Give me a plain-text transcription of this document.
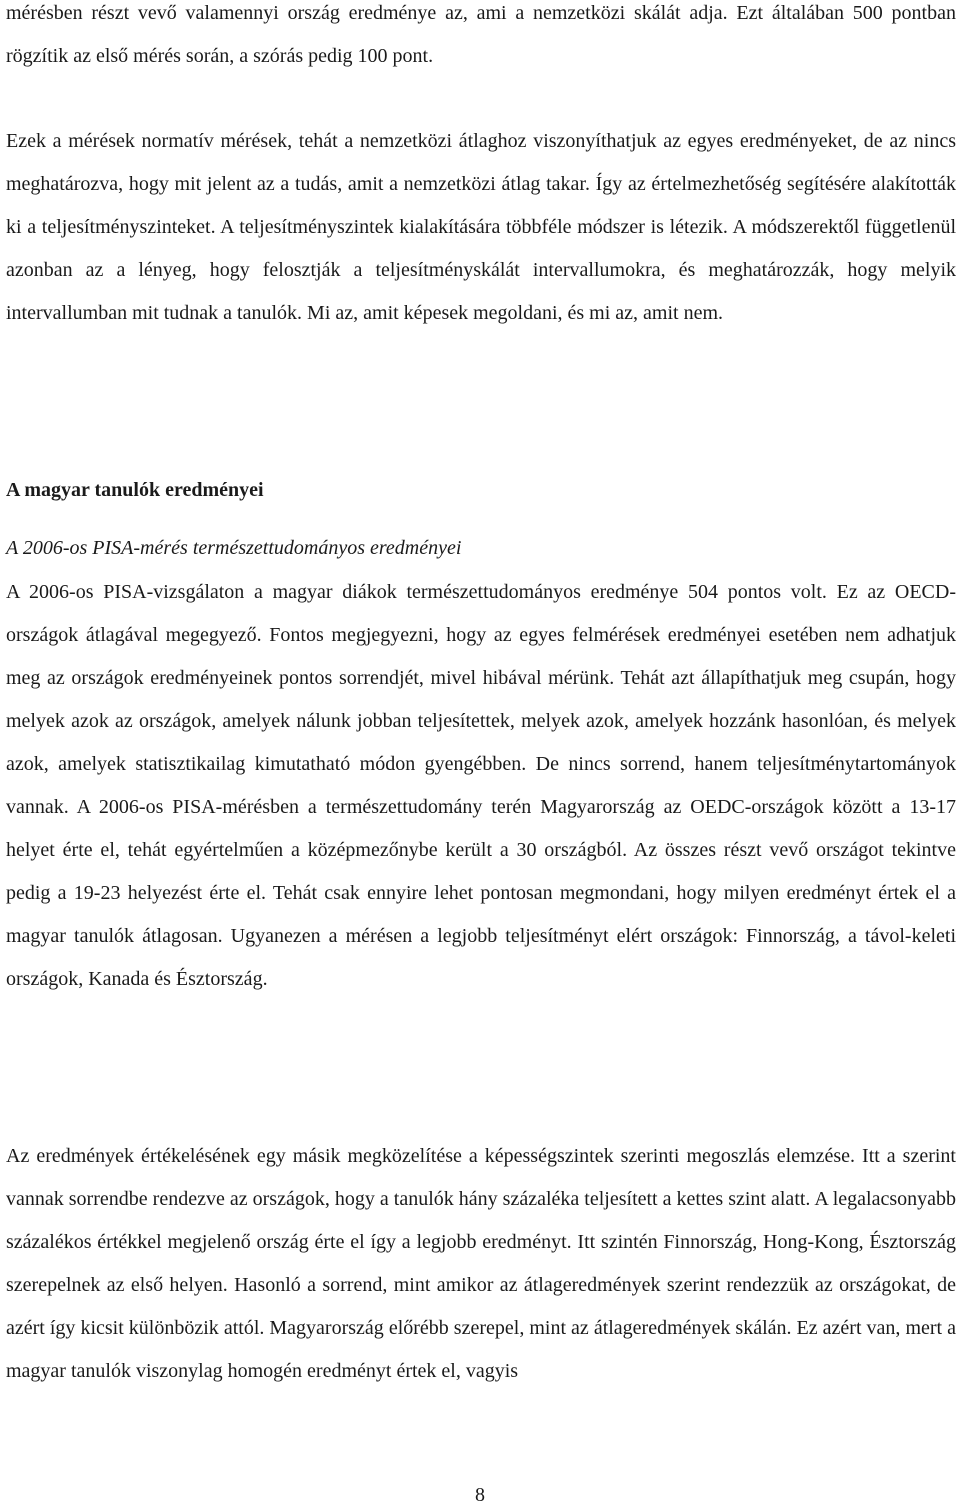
mérésben részt vevő valamennyi ország eredménye az, ami a nemzetközi skálát adja. Ezt általában 500 pontban rögzítik az első mérés során, a szórás pedig 100 pont.

Ezek a mérések normatív mérések, tehát a nemzetközi átlaghoz viszonyíthatjuk az egyes eredményeket, de az nincs meghatározva, hogy mit jelent az a tudás, amit a nemzetközi átlag takar. Így az értelmezhetőség segítésére alakították ki a teljesítményszinteket. A teljesítményszintek kialakítására többféle módszer is létezik. A módszerektől függetlenül azonban az a lényeg, hogy felosztják a teljesítményskálát intervallumokra, és meghatározzák, hogy melyik intervallumban mit tudnak a tanulók. Mi az, amit képesek megoldani, és mi az, amit nem.

A magyar tanulók eredményei
A 2006-os PISA-mérés természettudományos eredményei

A 2006-os PISA-vizsgálaton a magyar diákok természettudományos eredménye 504 pontos volt. Ez az OECD-országok átlagával megegyező. Fontos megjegyezni, hogy az egyes felmérések eredményei esetében nem adhatjuk meg az országok eredményeinek pontos sorrendjét, mivel hibával mérünk. Tehát azt állapíthatjuk meg csupán, hogy melyek azok az országok, amelyek nálunk jobban teljesítettek, melyek azok, amelyek hozzánk hasonlóan, és melyek azok, amelyek statisztikailag kimutatható módon gyengébben. De nincs sorrend, hanem teljesítménytartományok vannak. A 2006-os PISA-mérésben a természettudomány terén Magyarország az OEDC-országok között a 13-17 helyet érte el, tehát egyértelműen a középmezőnybe került a 30 országból. Az összes részt vevő országot tekintve pedig a 19-23 helyezést érte el. Tehát csak ennyire lehet pontosan megmondani, hogy milyen eredményt értek el a magyar tanulók átlagosan. Ugyanezen a mérésen a legjobb teljesítményt elért országok: Finnország, a távol-keleti országok, Kanada és Észtország.

Az eredmények értékelésének egy másik megközelítése a képességszintek szerinti megoszlás elemzése. Itt a szerint vannak sorrendbe rendezve az országok, hogy a tanulók hány százaléka teljesített a kettes szint alatt. A legalacsonyabb százalékos értékkel megjelenő ország érte el így a legjobb eredményt. Itt szintén Finnország, Hong-Kong, Észtország szerepelnek az első helyen. Hasonló a sorrend, mint amikor az átlageredmények szerint rendezzük az országokat, de azért így kicsit különbözik attól. Magyarország előrébb szerepel, mint az átlageredmények skálán. Ez azért van, mert a magyar tanulók viszonylag homogén eredményt értek el, vagyis

8
